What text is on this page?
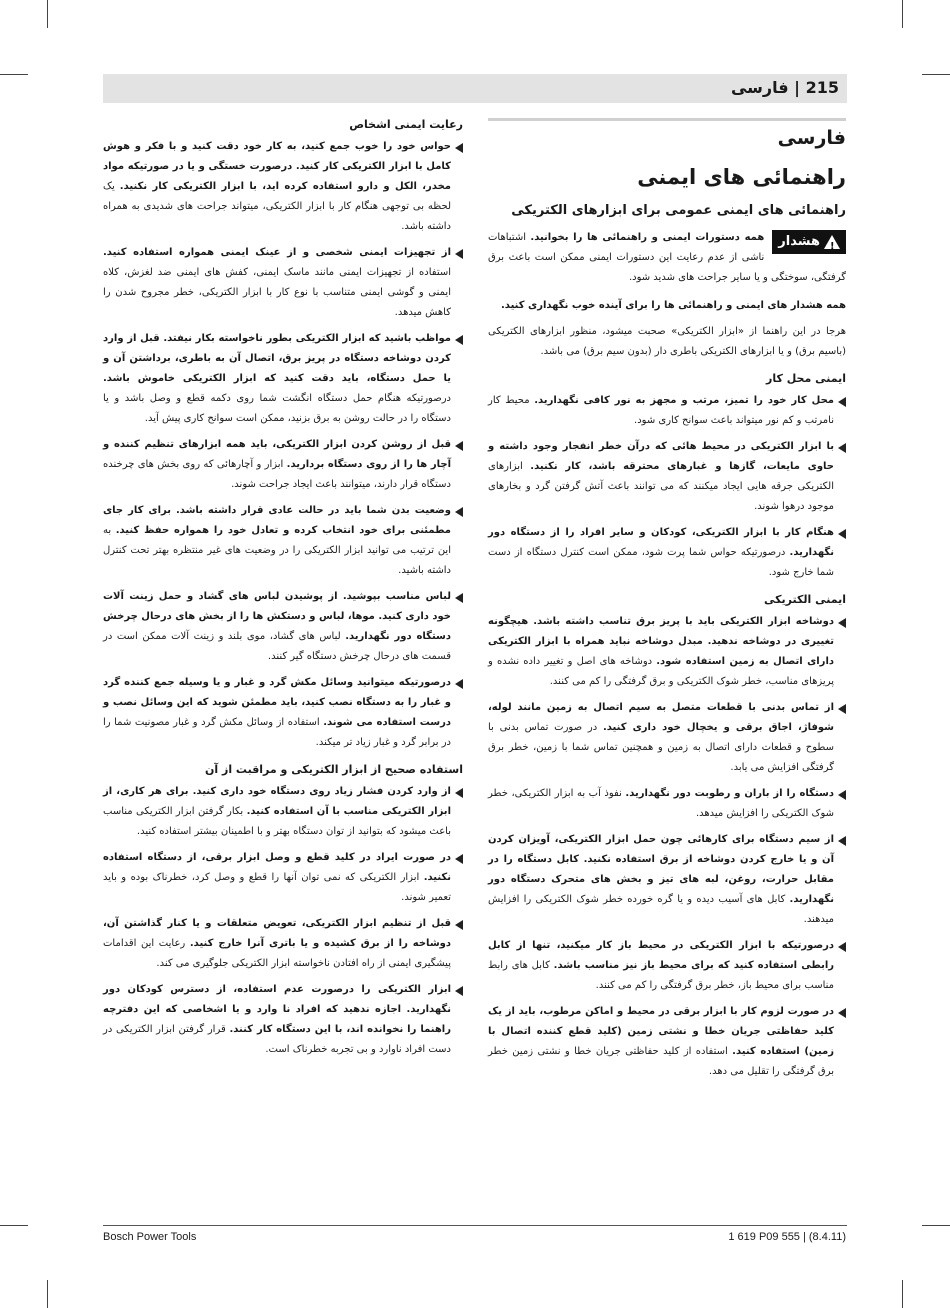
215 | فارسی
فارسی
راهنمائی های ایمنی
راهنمائی های ایمنی عمومی برای ابزارهای الکتریکی
!
هشدار
همه دستورات ایمنی و راهنمائی ها را بخوانید. اشتباهات ناشی از عدم رعایت این دستورات ایمنی ممکن است باعث برق گرفتگی، سوختگی و یا سایر جراحت های شدید شود.

همه هشدار های ایمنی و راهنمائی ها را برای آینده خوب نگهداری کنید.

هرجا در این راهنما از «ابزار الکتریکی» صحبت میشود، منظور ابزارهای الکتریکی (باسیم برق) و یا ابزارهای الکتریکی باطری دار (بدون سیم برق) می باشد.

ایمنی محل کار
محل کار خود را تمیز، مرتب و مجهز به نور کافی نگهدارید. محیط کار نامرتب و کم نور میتواند باعث سوانح کاری شود.
با ابزار الکتریکی در محیط هائی که درآن خطر انفجار وجود داشته و حاوی مایعات، گازها و غبارهای محترقه باشد، کار نکنید. ابزارهای الکتریکی جرقه هایی ایجاد میکنند که می توانند باعث آتش گرفتن گرد و بخارهای موجود درهوا شوند.
هنگام کار با ابزار الکتریکی، کودکان و سایر افراد را از دستگاه دور نگهدارید. درصورتیکه حواس شما پرت شود، ممکن است کنترل دستگاه از دست شما خارج شود.
ایمنی الکتریکی
دوشاخه ابزار الکتریکی باید با پریز برق تناسب داشته باشد. هیچگونه تغییری در دوشاخه ندهید. مبدل دوشاخه نباید همراه با ابزار الکتریکی دارای اتصال به زمین استفاده شود. دوشاخه های اصل و تغییر داده نشده و پریزهای مناسب، خطر شوک الکتریکی و برق گرفتگی را کم می کنند.
از تماس بدنی با قطعات متصل به سیم اتصال به زمین مانند لوله، شوفاژ، اجاق برقی و یخچال خود داری کنید. در صورت تماس بدنی با سطوح و قطعات دارای اتصال به زمین و همچنین تماس شما با زمین، خطر برق گرفتگی افزایش می یابد.
دستگاه را از باران و رطوبت دور نگهدارید. نفوذ آب به ابزار الکتریکی، خطر شوک الکتریکی را افزایش میدهد.
از سیم دستگاه برای کارهائی چون حمل ابزار الکتریکی، آویزان کردن آن و یا خارج کردن دوشاخه از برق استفاده نکنید. کابل دستگاه را در مقابل حرارت، روغن، لبه های تیز و بخش های متحرک دستگاه دور نگهدارید. کابل های آسیب دیده و یا گره خورده خطر شوک الکتریکی را افزایش میدهند.
درصورتیکه با ابزار الکتریکی در محیط باز کار میکنید، تنها از کابل رابطی استفاده کنید که برای محیط باز نیز مناسب باشد. کابل های رابط مناسب برای محیط باز، خطر برق گرفتگی را کم می کنند.
در صورت لزوم کار با ابزار برقی در محیط و اماکن مرطوب، باید از یک کلید حفاظتی جریان خطا و نشتی زمین (کلید قطع کننده اتصال با زمین) استفاده کنید. استفاده از کلید حفاظتی جریان خطا و نشتی زمین خطر برق گرفتگی را تقلیل می دهد.
رعایت ایمنی اشخاص
حواس خود را خوب جمع کنید، به کار خود دقت کنید و با فکر و هوش کامل با ابزار الکتریکی کار کنید. درصورت خستگی و یا در صورتیکه مواد مخدر، الکل و دارو استفاده کرده اید، با ابزار الکتریکی کار نکنید. یک لحظه بی توجهی هنگام کار با ابزار الکتریکی، میتواند جراحت های شدیدی به همراه داشته باشد.
از تجهیزات ایمنی شخصی و از عینک ایمنی همواره استفاده کنید. استفاده از تجهیزات ایمنی مانند ماسک ایمنی، کفش های ایمنی ضد لغزش، کلاه ایمنی و گوشی ایمنی متناسب با نوع کار با ابزار الکتریکی، خطر مجروح شدن را کاهش میدهد.
مواظب باشید که ابزار الکتریکی بطور ناخواسته بکار نیفتد. قبل از وارد کردن دوشاخه دستگاه در پریز برق، اتصال آن به باطری، برداشتن آن و یا حمل دستگاه، باید دقت کنید که ابزار الکتریکی خاموش باشد. درصورتیکه هنگام حمل دستگاه انگشت شما روی دکمه قطع و وصل باشد و یا دستگاه را در حالت روشن به برق بزنید، ممکن است سوانح کاری پیش آید.
قبل از روشن کردن ابزار الکتریکی، باید همه ابزارهای تنظیم کننده و آچار ها را از روی دستگاه بردارید. ابزار و آچارهائی که روی بخش های چرخنده دستگاه قرار دارند، میتوانند باعث ایجاد جراحت شوند.
وضعیت بدن شما باید در حالت عادی قرار داشته باشد. برای کار جای مطمئنی برای خود انتخاب کرده و تعادل خود را همواره حفظ کنید. به این ترتیب می توانید ابزار الکتریکی را در وضعیت های غیر منتظره بهتر تحت کنترل داشته باشید.
لباس مناسب بپوشید. از پوشیدن لباس های گشاد و حمل زینت آلات خود داری کنید. موها، لباس و دستکش ها را از بخش های درحال چرخش دستگاه دور نگهدارید. لباس های گشاد، موی بلند و زینت آلات ممکن است در قسمت های درحال چرخش دستگاه گیر کنند.
درصورتیکه میتوانید وسائل مکش گرد و غبار و یا وسیله جمع کننده گرد و غبار را به دستگاه نصب کنید، باید مطمئن شوید که این وسائل نصب و درست استفاده می شوند. استفاده از وسائل مکش گرد و غبار مصونیت شما را در برابر گرد و غبار زیاد تر میکند.
استفاده صحیح از ابزار الکتریکی و مراقبت از آن
از وارد کردن فشار زیاد روی دستگاه خود داری کنید. برای هر کاری، از ابزار الکتریکی مناسب با آن استفاده کنید. بکار گرفتن ابزار الکتریکی مناسب باعث میشود که بتوانید از توان دستگاه بهتر و با اطمینان بیشتر استفاده کنید.
در صورت ایراد در کلید قطع و وصل ابزار برقی، از دستگاه استفاده نکنید. ابزار الکتریکی که نمی توان آنها را قطع و وصل کرد، خطرناک بوده و باید تعمیر شوند.
قبل از تنظیم ابزار الکتریکی، تعویض متعلقات و یا کنار گذاشتن آن، دوشاخه را از برق کشیده و یا باتری آنرا خارج کنید. رعایت این اقدامات پیشگیری ایمنی از راه افتادن ناخواسته ابزار الکتریکی جلوگیری می کند.
ابزار الکتریکی را درصورت عدم استفاده، از دسترس کودکان دور نگهدارید. اجازه ندهید که افراد نا وارد و یا اشخاصی که این دفترچه راهنما را نخوانده اند، با این دستگاه کار کنند. قرار گرفتن ابزار الکتریکی در دست افراد ناوارد و بی تجربه خطرناک است.
Bosch Power Tools	1 619 P09 555 | (8.4.11)
